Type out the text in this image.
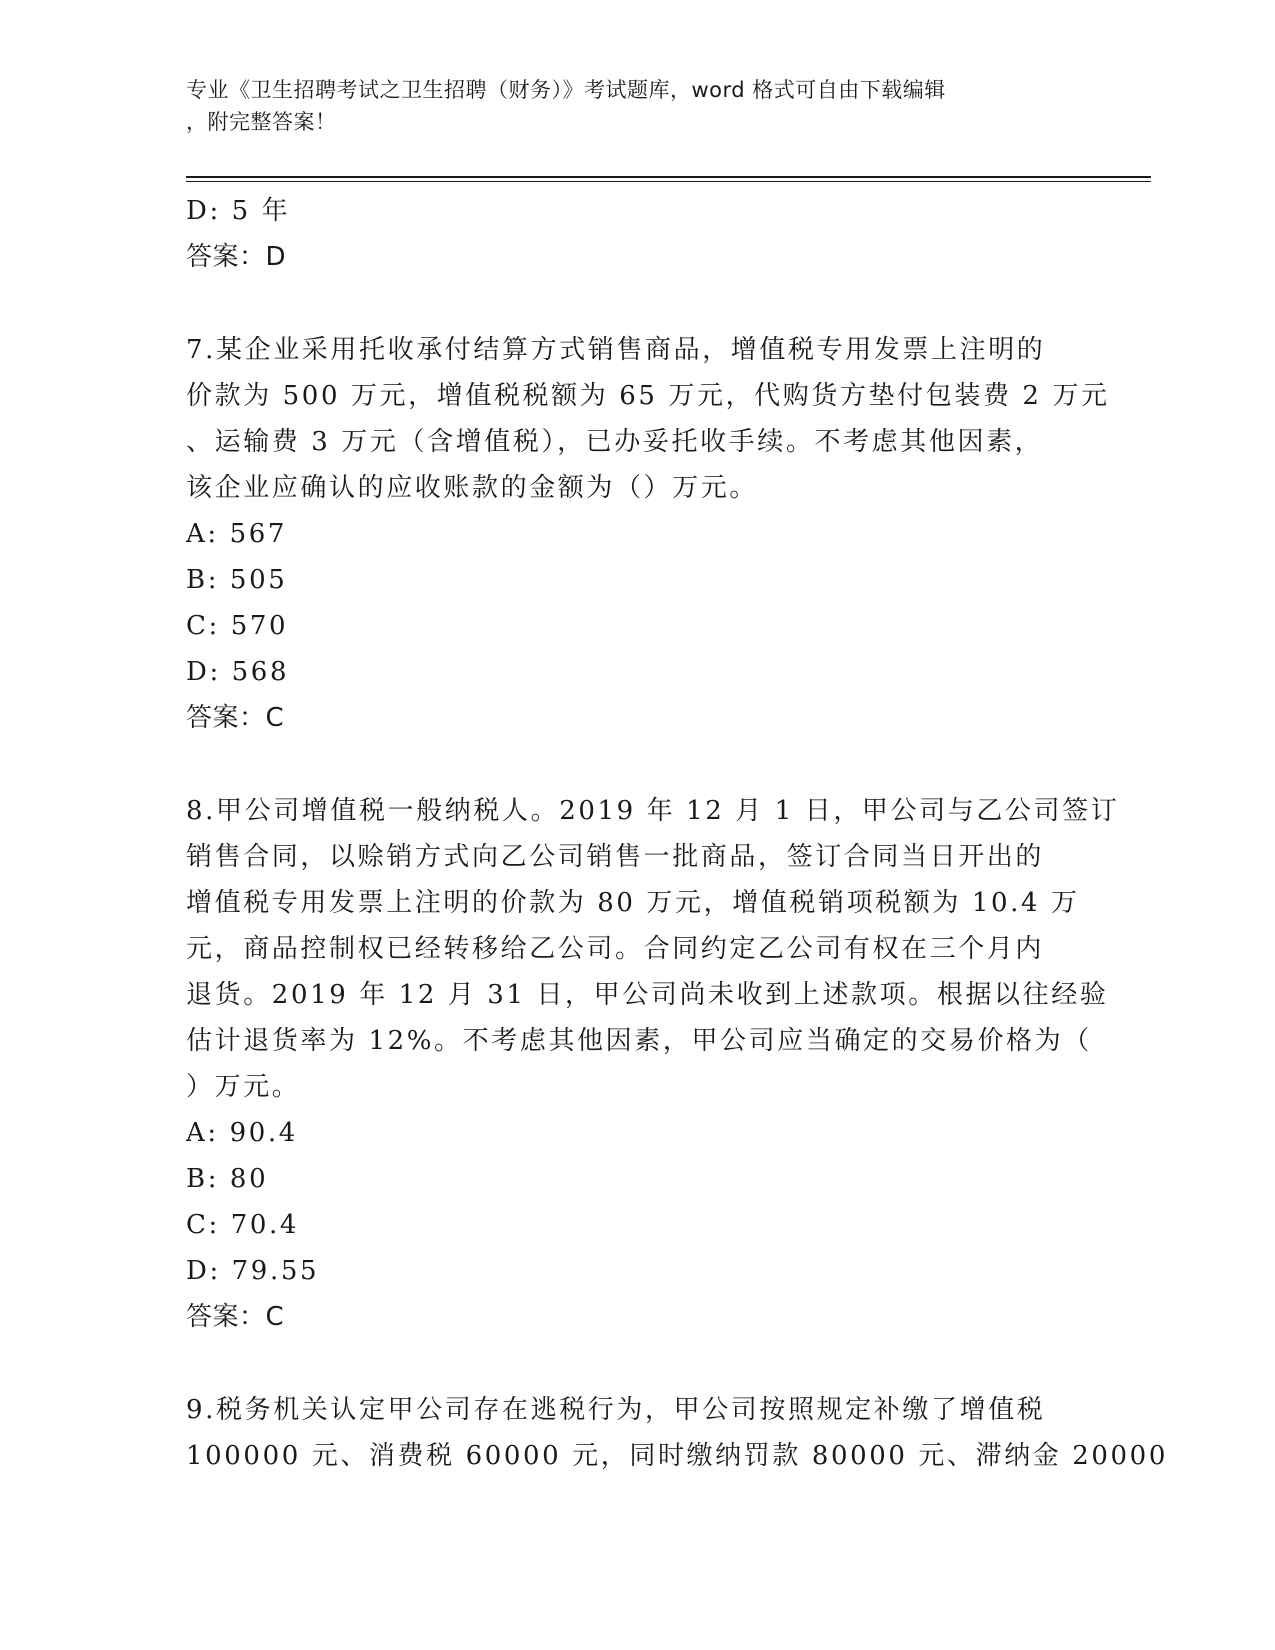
专业《卫生招聘考试之卫生招聘（财务）》考试题库，word 格式可自由下载编辑
，附完整答案！
D: 5 年
答案：D
7.某企业采用托收承付结算方式销售商品，增值税专用发票上注明的
价款为 500 万元，增值税税额为 65 万元，代购货方垫付包装费 2 万元
、运输费 3 万元（含增值税），已办妥托收手续。不考虑其他因素，
该企业应确认的应收账款的金额为（）万元。
A: 567
B: 505
C: 570
D: 568
答案：C
8.甲公司增值税一般纳税人。2019 年 12 月 1 日，甲公司与乙公司签订
销售合同，以赊销方式向乙公司销售一批商品，签订合同当日开出的
增值税专用发票上注明的价款为 80 万元，增值税销项税额为 10.4 万
元，商品控制权已经转移给乙公司。合同约定乙公司有权在三个月内
退货。2019 年 12 月 31 日，甲公司尚未收到上述款项。根据以往经验
估计退货率为 12%。不考虑其他因素，甲公司应当确定的交易价格为（
）万元。
A: 90.4
B: 80
C: 70.4
D: 79.55
答案：C
9.税务机关认定甲公司存在逃税行为，甲公司按照规定补缴了增值税
100000 元、消费税 60000 元，同时缴纳罚款 80000 元、滞纳金 20000
